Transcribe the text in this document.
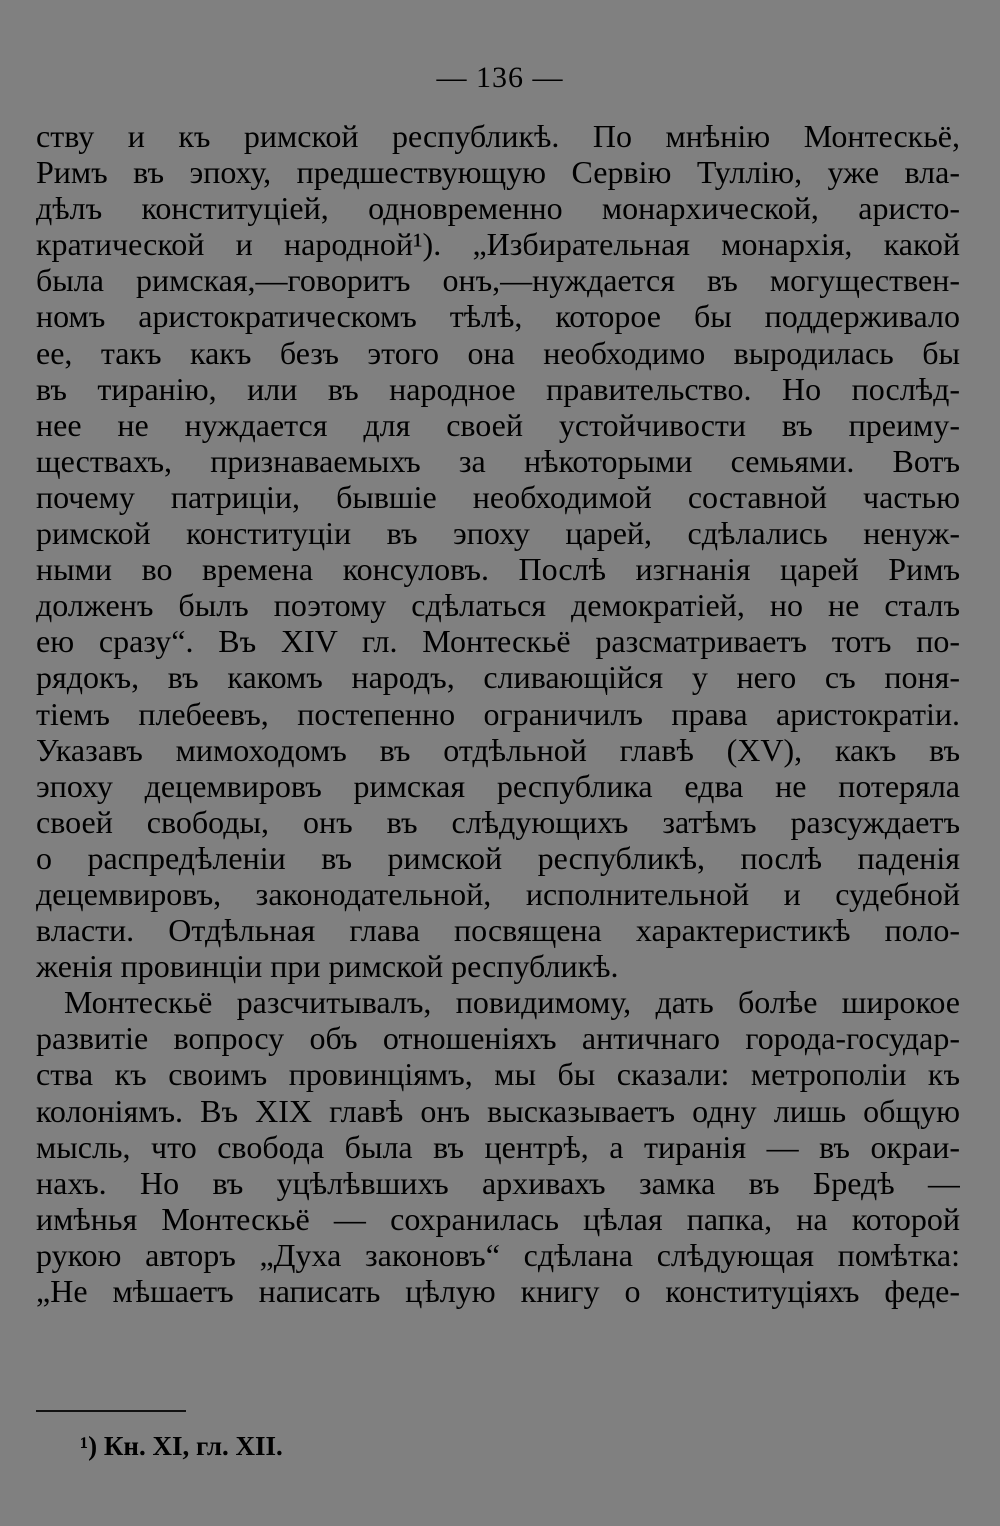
— 136 —
ству и къ римской республикѣ. По мнѣнію Монтескьё,
Римъ въ эпоху, предшествующую Сервію Туллію, уже вла-
дѣлъ конституціей, одновременно монархической, аристо-
кратической и народной¹). „Избирательная монархія, какой
была римская,—говоритъ онъ,—нуждается въ могуществен-
номъ аристократическомъ тѣлѣ, которое бы поддерживало
ее, такъ какъ безъ этого она необходимо выродилась бы
въ тиранію, или въ народное правительство. Но послѣд-
нее не нуждается для своей устойчивости въ преиму-
ществахъ, признаваемыхъ за нѣкоторыми семьями. Вотъ
почему патриціи, бывшіе необходимой составной частью
римской конституціи въ эпоху царей, сдѣлались ненуж-
ными во времена консуловъ. Послѣ изгнанія царей Римъ
долженъ былъ поэтому сдѣлаться демократіей, но не сталъ
ею сразу“. Въ XIV гл. Монтескьё разсматриваетъ тотъ по-
рядокъ, въ какомъ народъ, сливающійся у него съ поня-
тіемъ плебеевъ, постепенно ограничилъ права аристократіи.
Указавъ мимоходомъ въ отдѣльной главѣ (XV), какъ въ
эпоху децемвировъ римская республика едва не потеряла
своей свободы, онъ въ слѣдующихъ затѣмъ разсуждаетъ
о распредѣленіи въ римской республикѣ, послѣ паденія
децемвировъ, законодательной, исполнительной и судебной
власти. Отдѣльная глава посвящена характеристикѣ поло-
женія провинціи при римской республикѣ.
Монтескьё разсчитывалъ, повидимому, дать болѣе широкое
развитіе вопросу объ отношеніяхъ античнаго города-государ-
ства къ своимъ провинціямъ, мы бы сказали: метрополіи къ
колоніямъ. Въ XIX главѣ онъ высказываетъ одну лишь общую
мысль, что свобода была въ центрѣ, а тиранія — въ окраи-
нахъ. Но въ уцѣлѣвшихъ архивахъ замка въ Бредѣ —
имѣнья Монтескьё — сохранилась цѣлая папка, на которой
рукою авторъ „Духа законовъ“ сдѣлана слѣдующая помѣтка:
„Не мѣшаетъ написать цѣлую книгу о конституціяхъ феде-
¹) Кн. XI, гл. XII.
